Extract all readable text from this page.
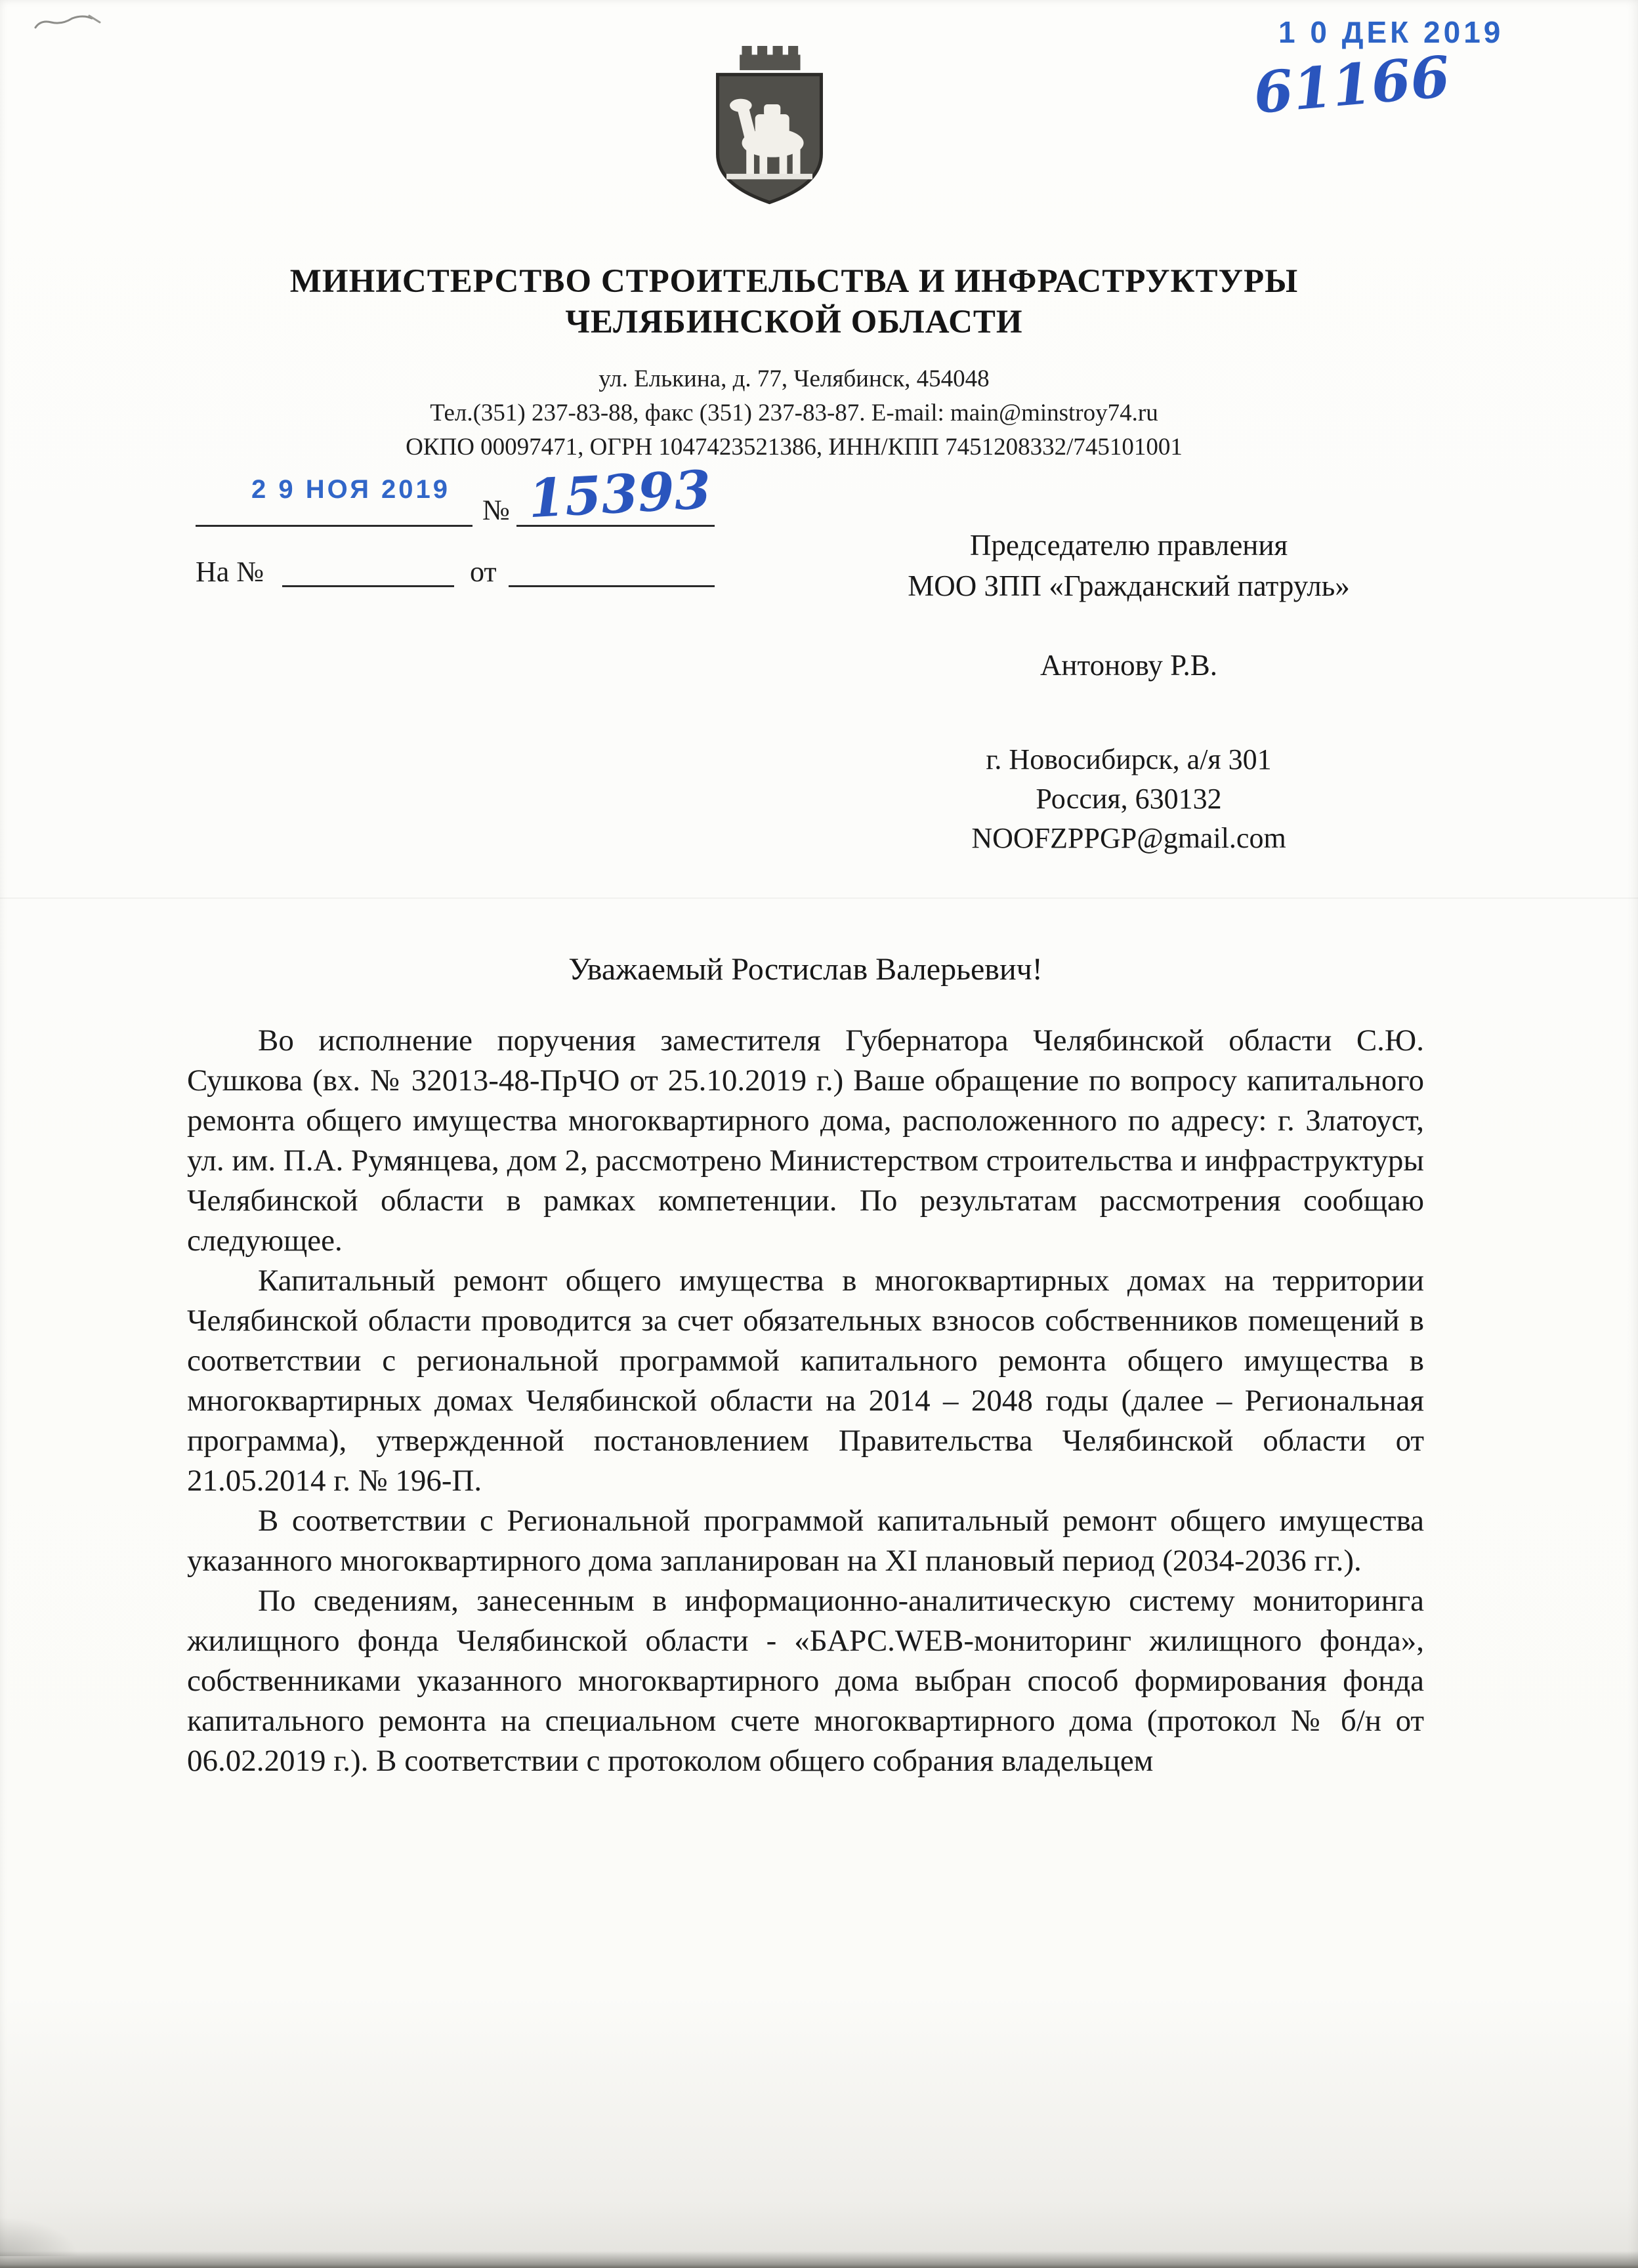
1 0 ДЕК 2019
61166
МИНИСТЕРСТВО СТРОИТЕЛЬСТВА И ИНФРАСТРУКТУРЫ
ЧЕЛЯБИНСКОЙ ОБЛАСТИ
ул. Елькина, д. 77, Челябинск, 454048
Тел.(351) 237-83-88, факс (351) 237-83-87. E-mail: main@minstroy74.ru
ОКПО 00097471, ОГРН 1047423521386, ИНН/КПП 7451208332/745101001
2 9 НОЯ 2019
№ 15393
На №	от
Председателю правления
МОО ЗПП «Гражданский патруль»
Антонову Р.В.
г. Новосибирск, а/я 301
Россия, 630132
NOOFZPPGP@gmail.com
Уважаемый Ростислав Валерьевич!

Во исполнение поручения заместителя Губернатора Челябинской области С.Ю. Сушкова (вх. № 32013-48-ПрЧО от 25.10.2019 г.) Ваше обращение по вопросу капитального ремонта общего имущества многоквартирного дома, расположенного по адресу: г. Златоуст, ул. им. П.А. Румянцева, дом 2, рассмотрено Министерством строительства и инфраструктуры Челябинской области в рамках компетенции. По результатам рассмотрения сообщаю следующее.

Капитальный ремонт общего имущества в многоквартирных домах на территории Челябинской области проводится за счет обязательных взносов собственников помещений в соответствии с региональной программой капитального ремонта общего имущества в многоквартирных домах Челябинской области на 2014 – 2048 годы (далее – Региональная программа), утвержденной постановлением Правительства Челябинской области от 21.05.2014 г. № 196-П.

В соответствии с Региональной программой капитальный ремонт общего имущества указанного многоквартирного дома запланирован на XI плановый период (2034-2036 гг.).

По сведениям, занесенным в информационно-аналитическую систему мониторинга жилищного фонда Челябинской области - «БАРС.WEB-мониторинг жилищного фонда», собственниками указанного многоквартирного дома выбран способ формирования фонда капитального ремонта на специальном счете многоквартирного дома (протокол № б/н от 06.02.2019 г.). В соответствии с протоколом общего собрания владельцем
